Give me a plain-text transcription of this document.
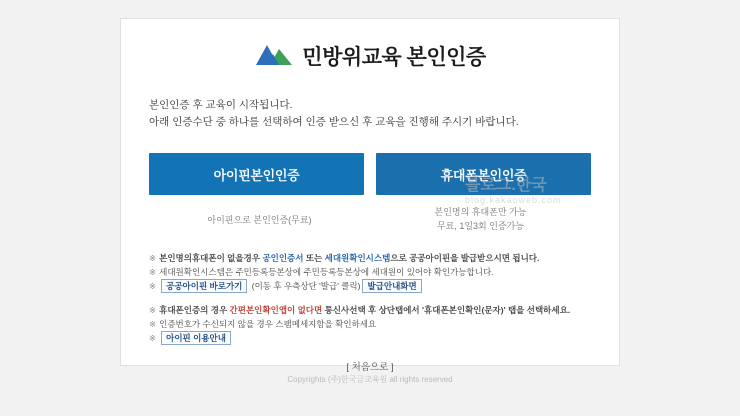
민방위교육 본인인증
본인인증 후 교육이 시작됩니다.
아래 인증수단 중 하나를 선택하여 인증 받으신 후 교육을 진행해 주시기 바랍니다.
아이핀본인인증	휴대폰본인인증
아이핀으로 본인인증(무료)
본인명의 휴대폰만 가능
무료, 1일3회 인증가능
※ 본인명의휴대폰이 없을경우 공인인증서 또는 세대원확인시스템으로 공공아이핀을 발급받으시면 됩니다.
※ 세대원확인시스템은 주민등록등본상에 주민등록등본상에 세대원이 있어야 확인가능합니다.
※ 공공아이핀 바로가기 (이동 후 우측상단 '발급' 클릭) 발급안내화면
※ 휴대폰인증의 경우 간편본인확인앱이 없다면 통신사선택 후 상단탭에서 '휴대폰본인확인(문자)' 탭을 선택하세요.
※ 인증번호가 수신되지 않을 경우 스팸메세지함을 확인하세요
※ 아이핀 이용안내
[ 처음으로 ]
블로그.한국
blog.kakaoweb.com
Copyrights (주)한국금교육원 all rights reserved
